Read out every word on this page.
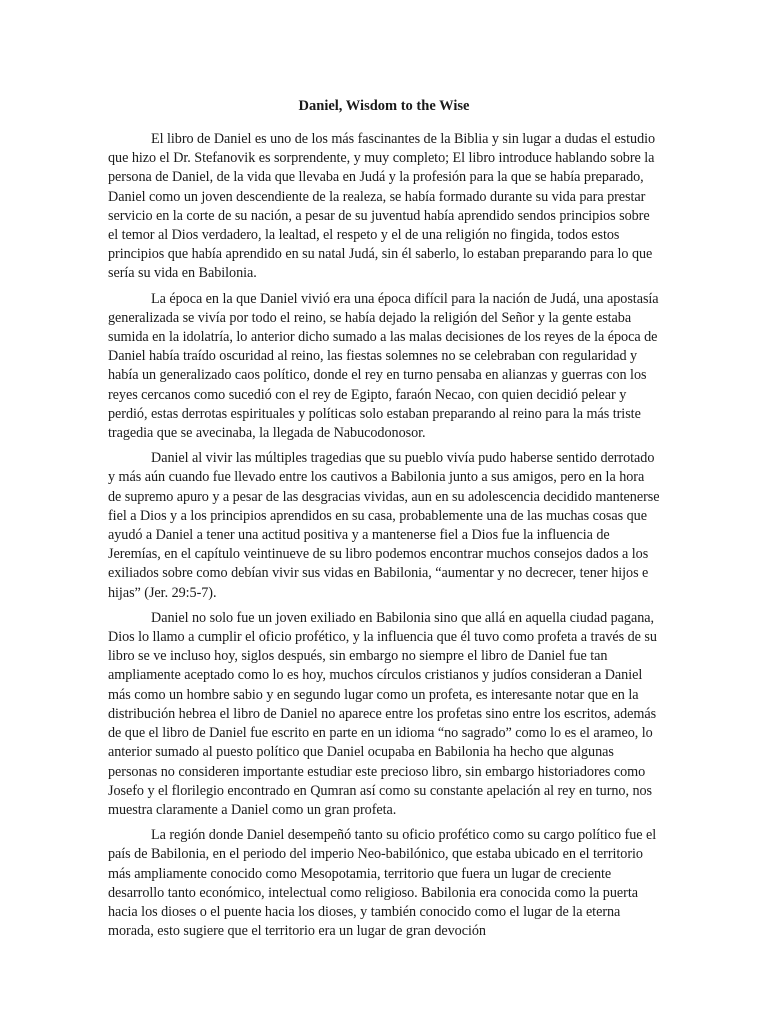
Daniel, Wisdom to the Wise

El libro de Daniel es uno de los más fascinantes de la Biblia y sin lugar a dudas el estudio que hizo el Dr. Stefanovik es sorprendente, y muy completo; El libro introduce hablando sobre la persona de Daniel, de la vida que llevaba en Judá y la profesión para la que se había preparado, Daniel como un joven descendiente de la realeza, se había formado durante su vida para prestar servicio en la corte de su nación, a pesar de su juventud había aprendido sendos principios sobre el temor al Dios verdadero, la lealtad, el respeto y el de una religión no fingida, todos estos principios que había aprendido en su natal Judá, sin él saberlo, lo estaban preparando para lo que sería su vida en Babilonia.

La época en la que Daniel vivió era una época difícil para la nación de Judá, una apostasía generalizada se vivía por todo el reino, se había dejado la religión del Señor y la gente estaba sumida en la idolatría, lo anterior dicho sumado a las malas decisiones de los reyes de la época de Daniel había traído oscuridad al reino, las fiestas solemnes no se celebraban con regularidad y había un generalizado caos político, donde el rey en turno pensaba en alianzas y guerras con los reyes cercanos como sucedió con el rey de Egipto, faraón Necao, con quien decidió pelear y perdió, estas derrotas espirituales y políticas solo estaban preparando al reino para la más triste tragedia que se avecinaba, la llegada de Nabucodonosor.

Daniel al vivir las múltiples tragedias que su pueblo vivía pudo haberse sentido derrotado y más aún cuando fue llevado entre los cautivos a Babilonia junto a sus amigos, pero en la hora de supremo apuro y a pesar de las desgracias vividas, aun en su adolescencia decidido mantenerse fiel a Dios y a los principios aprendidos en su casa, probablemente una de las muchas cosas que ayudó a Daniel a tener una actitud positiva y a mantenerse fiel a Dios fue la influencia de Jeremías, en el capítulo veintinueve de su libro podemos encontrar muchos consejos dados a los exiliados sobre como debían vivir sus vidas en Babilonia, “aumentar y no decrecer, tener hijos e hijas” (Jer. 29:5-7).

Daniel no solo fue un joven exiliado en Babilonia sino que allá en aquella ciudad pagana, Dios lo llamo a cumplir el oficio profético, y la influencia que él tuvo como profeta a través de su libro se ve incluso hoy, siglos después, sin embargo no siempre el libro de Daniel fue tan ampliamente aceptado como lo es hoy, muchos círculos cristianos y judíos consideran a Daniel más como un hombre sabio y en segundo lugar como un profeta, es interesante notar que en la distribución hebrea el libro de Daniel no aparece entre los profetas sino entre los escritos, además de que el libro de Daniel fue escrito en parte en un idioma “no sagrado” como lo es el arameo, lo anterior sumado al puesto político que Daniel ocupaba en Babilonia ha hecho que algunas personas no consideren importante estudiar este precioso libro, sin embargo historiadores como Josefo y el florilegio encontrado en Qumran así como su constante apelación al rey en turno, nos muestra claramente a Daniel como un gran profeta.

La región donde Daniel desempeñó tanto su oficio profético como su cargo político fue el país de Babilonia, en el periodo del imperio Neo-babilónico, que estaba ubicado en el territorio más ampliamente conocido como Mesopotamia, territorio que fuera un lugar de creciente desarrollo tanto económico, intelectual como religioso. Babilonia era conocida como la puerta hacia los dioses o el puente hacia los dioses, y también conocido como el lugar de la eterna morada, esto sugiere que el territorio era un lugar de gran devoción
